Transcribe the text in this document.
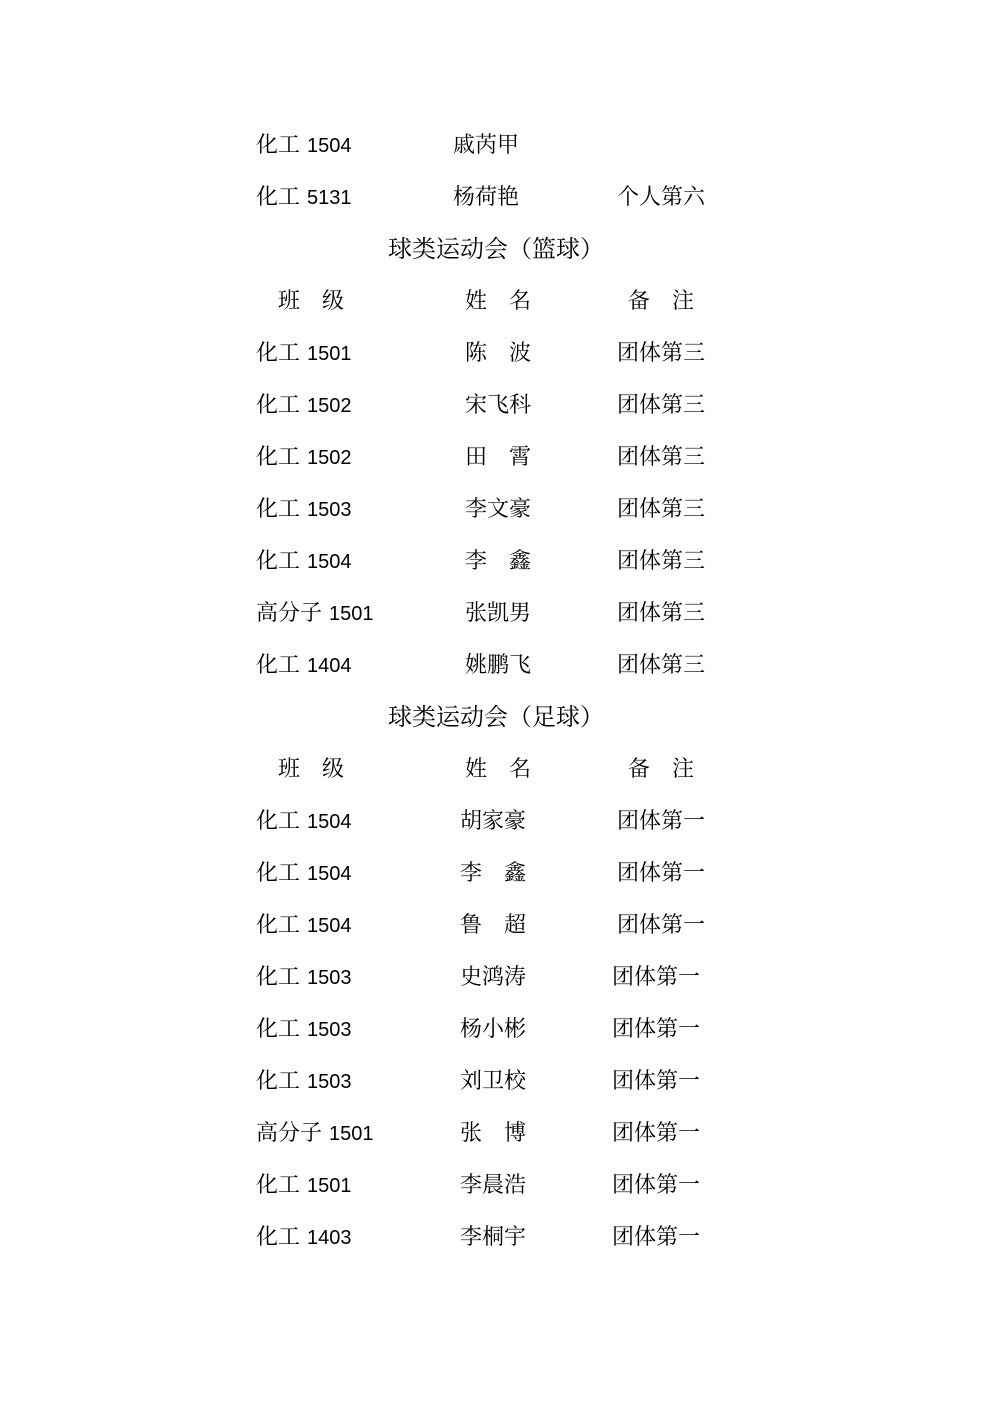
化工 1504	戚芮甲
化工 5131	杨荷艳	个人第六
球类运动会（篮球）
班　级	姓　名	备　注
化工 1501	陈　波	团体第三
化工 1502	宋飞科	团体第三
化工 1502	田　霄	团体第三
化工 1503	李文豪	团体第三
化工 1504	李　鑫	团体第三
高分子 1501	张凯男	团体第三
化工 1404	姚鹏飞	团体第三
球类运动会（足球）
班　级	姓　名	备　注
化工 1504	胡家豪	团体第一
化工 1504	李　鑫	团体第一
化工 1504	鲁　超	团体第一
化工 1503	史鸿涛	团体第一
化工 1503	杨小彬	团体第一
化工 1503	刘卫校	团体第一
高分子 1501	张　博	团体第一
化工 1501	李晨浩	团体第一
化工 1403	李桐宇	团体第一
